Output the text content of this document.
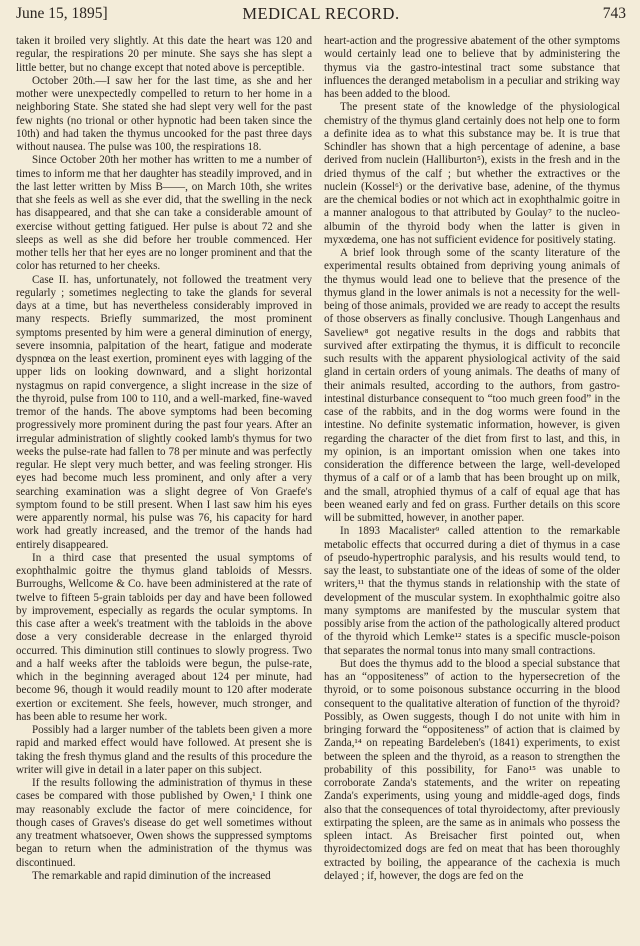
June 15, 1895]	MEDICAL RECORD.	743

taken it broiled very slightly. At this date the heart was 120 and regular, the respirations 20 per minute. She says she has slept a little better, but no change except that noted above is perceptible.

October 20th.—I saw her for the last time, as she and her mother were unexpectedly compelled to return to her home in a neighboring State. She stated she had slept very well for the past few nights (no trional or other hypnotic had been taken since the 10th) and had taken the thymus uncooked for the past three days without nausea. The pulse was 100, the respirations 18.

Since October 20th her mother has written to me a number of times to inform me that her daughter has steadily improved, and in the last letter written by Miss B——, on March 10th, she writes that she feels as well as she ever did, that the swelling in the neck has disappeared, and that she can take a considerable amount of exercise without getting fatigued. Her pulse is about 72 and she sleeps as well as she did before her trouble commenced. Her mother tells her that her eyes are no longer prominent and that the color has returned to her cheeks.

Case II. has, unfortunately, not followed the treatment very regularly ; sometimes neglecting to take the glands for several days at a time, but has nevertheless considerably improved in many respects. Briefly summarized, the most prominent symptoms presented by him were a general diminution of energy, severe insomnia, palpitation of the heart, fatigue and moderate dyspnœa on the least exertion, prominent eyes with lagging of the upper lids on looking downward, and a slight horizontal nystagmus on rapid convergence, a slight increase in the size of the thyroid, pulse from 100 to 110, and a well-marked, fine-waved tremor of the hands. The above symptoms had been becoming progressively more prominent during the past four years. After an irregular administration of slightly cooked lamb's thymus for two weeks the pulse-rate had fallen to 78 per minute and was perfectly regular. He slept very much better, and was feeling stronger. His eyes had become much less prominent, and only after a very searching examination was a slight degree of Von Graefe's symptom found to be still present. When I last saw him his eyes were apparently normal, his pulse was 76, his capacity for hard work had greatly increased, and the tremor of the hands had entirely disappeared.

In a third case that presented the usual symptoms of exophthalmic goitre the thymus gland tabloids of Messrs. Burroughs, Wellcome & Co. have been administered at the rate of twelve to fifteen 5-grain tabloids per day and have been followed by improvement, especially as regards the ocular symptoms. In this case after a week's treatment with the tabloids in the above dose a very considerable decrease in the enlarged thyroid occurred. This diminution still continues to slowly progress. Two and a half weeks after the tabloids were begun, the pulse-rate, which in the beginning averaged about 124 per minute, had become 96, though it would readily mount to 120 after moderate exertion or excitement. She feels, however, much stronger, and has been able to resume her work.

Possibly had a larger number of the tablets been given a more rapid and marked effect would have followed. At present she is taking the fresh thymus gland and the results of this procedure the writer will give in detail in a later paper on this subject.

If the results following the administration of thymus in these cases be compared with those published by Owen,¹ I think one may reasonably exclude the factor of mere coincidence, for though cases of Graves's disease do get well sometimes without any treatment whatsoever, Owen shows the suppressed symptoms began to return when the administration of the thymus was discontinued.

The remarkable and rapid diminution of the increased

heart-action and the progressive abatement of the other symptoms would certainly lead one to believe that by administering the thymus via the gastro-intestinal tract some substance that influences the deranged metabolism in a peculiar and striking way has been added to the blood.

The present state of the knowledge of the physiological chemistry of the thymus gland certainly does not help one to form a definite idea as to what this substance may be. It is true that Schindler has shown that a high percentage of adenine, a base derived from nuclein (Halliburton⁵), exists in the fresh and in the dried thymus of the calf ; but whether the extractives or the nuclein (Kossel⁶) or the derivative base, adenine, of the thymus are the chemical bodies or not which act in exophthalmic goitre in a manner analogous to that attributed by Goulay⁷ to the nucleo-albumin of the thyroid body when the latter is given in myxœdema, one has not sufficient evidence for positively stating.

A brief look through some of the scanty literature of the experimental results obtained from depriving young animals of the thymus would lead one to believe that the presence of the thymus gland in the lower animals is not a necessity for the well-being of those animals, provided we are ready to accept the results of those observers as finally conclusive. Though Langenhaus and Saveliew⁸ got negative results in the dogs and rabbits that survived after extirpating the thymus, it is difficult to reconcile such results with the apparent physiological activity of the said gland in certain orders of young animals. The deaths of many of their animals resulted, according to the authors, from gastro-intestinal disturbance consequent to “too much green food” in the case of the rabbits, and in the dog worms were found in the intestine. No definite systematic information, however, is given regarding the character of the diet from first to last, and this, in my opinion, is an important omission when one takes into consideration the difference between the large, well-developed thymus of a calf or of a lamb that has been brought up on milk, and the small, atrophied thymus of a calf of equal age that has been weaned early and fed on grass. Further details on this score will be submitted, however, in another paper.

In 1893 Macalister⁹ called attention to the remarkable metabolic effects that occurred during a diet of thymus in a case of pseudo-hypertrophic paralysis, and his results would tend, to say the least, to substantiate one of the ideas of some of the older writers,¹¹ that the thymus stands in relationship with the state of development of the muscular system. In exophthalmic goitre also many symptoms are manifested by the muscular system that possibly arise from the action of the pathologically altered product of the thyroid which Lemke¹² states is a specific muscle-poison that separates the normal tonus into many small contractions.

But does the thymus add to the blood a special substance that has an “oppositeness” of action to the hypersecretion of the thyroid, or to some poisonous substance occurring in the blood consequent to the qualitative alteration of function of the thyroid? Possibly, as Owen suggests, though I do not unite with him in bringing forward the “oppositeness” of action that is claimed by Zanda,¹⁴ on repeating Bardeleben's (1841) experiments, to exist between the spleen and the thyroid, as a reason to strengthen the probability of this possibility, for Fano¹⁵ was unable to corroborate Zanda's statements, and the writer on repeating Zanda's experiments, using young and middle-aged dogs, finds also that the consequences of total thyroidectomy, after previously extirpating the spleen, are the same as in animals who possess the spleen intact. As Breisacher first pointed out, when thyroidectomized dogs are fed on meat that has been thoroughly extracted by boiling, the appearance of the cachexia is much delayed ; if, however, the dogs are fed on the
